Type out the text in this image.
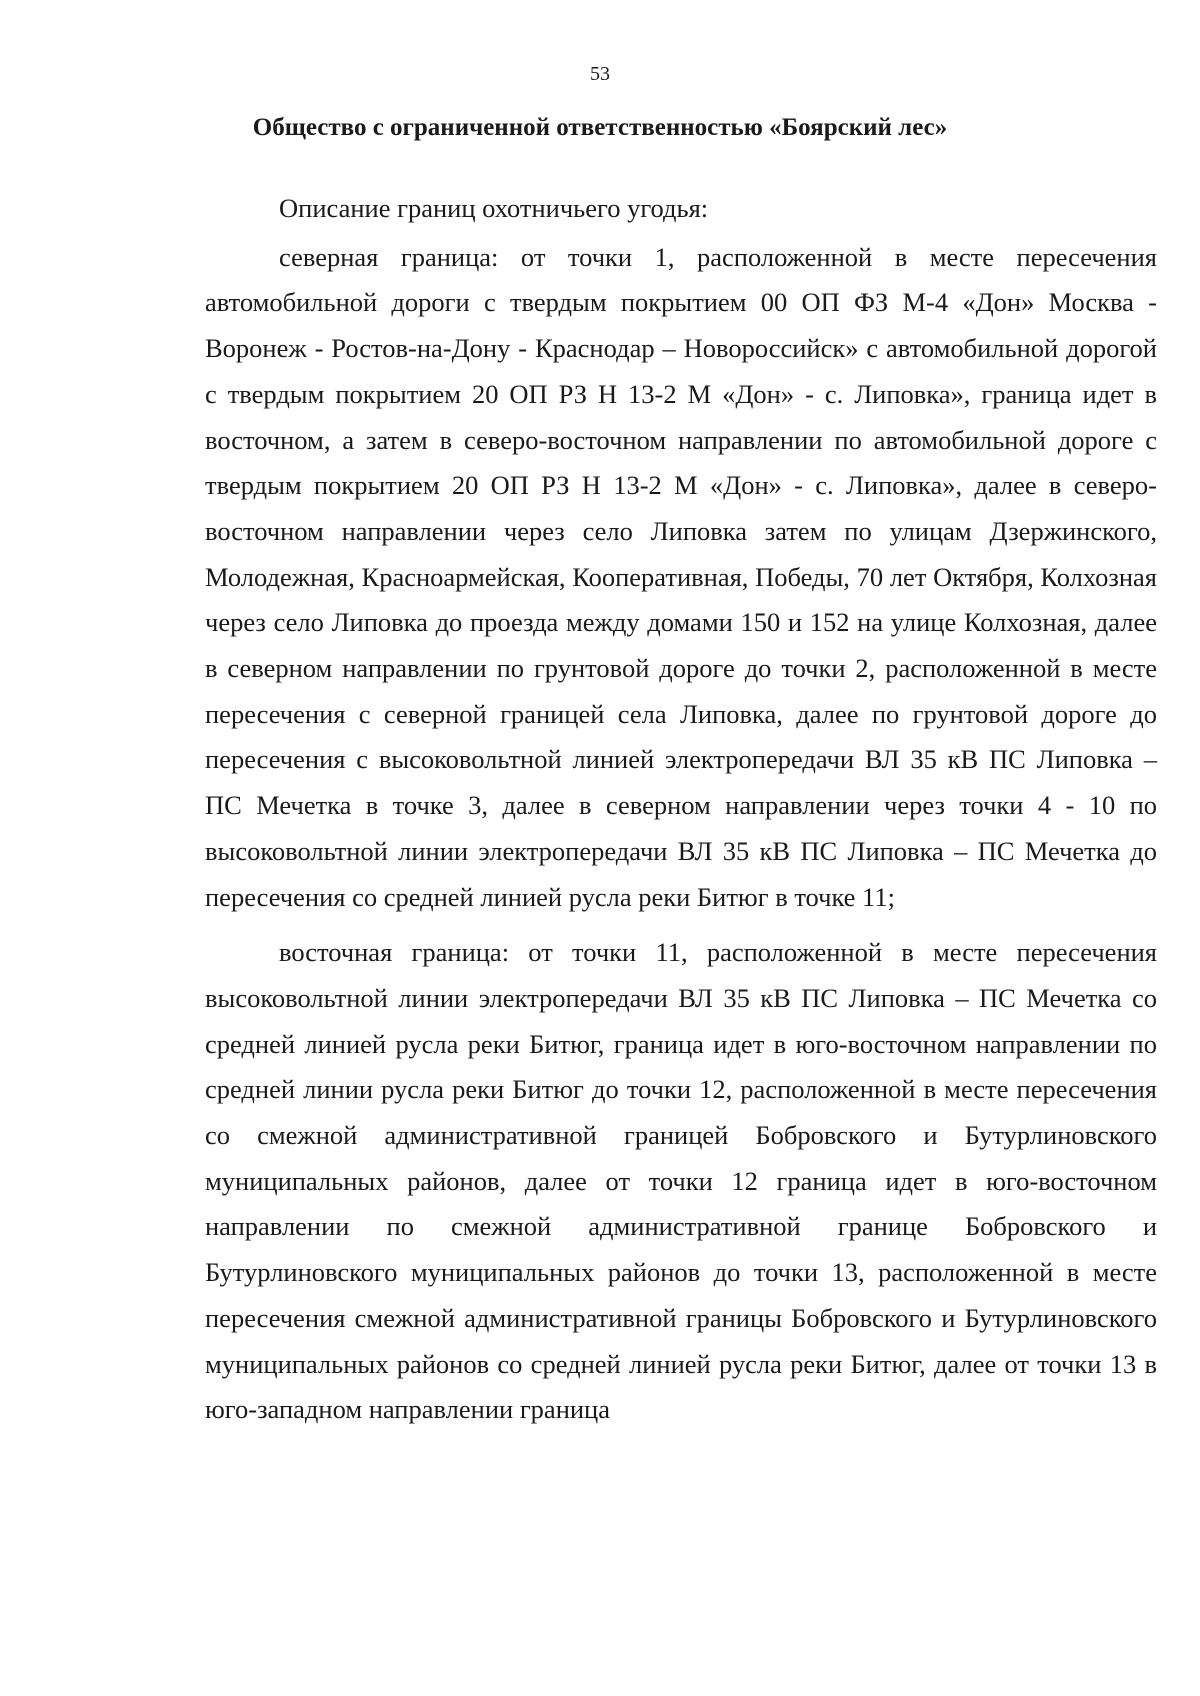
53
Общество с ограниченной ответственностью «Боярский лес»

Описание границ охотничьего угодья:

северная граница: от точки 1, расположенной в месте пересечения автомобильной дороги с твердым покрытием 00 ОП ФЗ М-4 «Дон» Москва - Воронеж - Ростов-на-Дону - Краснодар – Новороссийск» с автомобильной дорогой с твердым покрытием 20 ОП РЗ Н 13-2 М «Дон» - с. Липовка», граница идет в восточном, а затем в северо-восточном направлении по автомобильной дороге с твердым покрытием 20 ОП РЗ Н 13-2 М «Дон» - с. Липовка», далее в северо-восточном направлении через село Липовка затем по улицам Дзержинского, Молодежная, Красноармейская, Кооперативная, Победы, 70 лет Октября, Колхозная через село Липовка до проезда между домами 150 и 152 на улице Колхозная, далее в северном направлении по грунтовой дороге до точки 2, расположенной в месте пересечения с северной границей села Липовка, далее по грунтовой дороге до пересечения с высоковольтной линией электропередачи ВЛ 35 кВ ПС Липовка – ПС Мечетка в точке 3, далее в северном направлении через точки 4 - 10 по высоковольтной линии электропередачи ВЛ 35 кВ ПС Липовка – ПС Мечетка до пересечения со средней линией русла реки Битюг в точке 11;

восточная граница: от точки 11, расположенной в месте пересечения высоковольтной линии электропередачи ВЛ 35 кВ ПС Липовка – ПС Мечетка со средней линией русла реки Битюг, граница идет в юго-восточном направлении по средней линии русла реки Битюг до точки 12, расположенной в месте пересечения со смежной административной границей Бобровского и Бутурлиновского муниципальных районов, далее от точки 12 граница идет в юго-восточном направлении по смежной административной границе Бобровского и Бутурлиновского муниципальных районов до точки 13, расположенной в месте пересечения смежной административной границы Бобровского и Бутурлиновского муниципальных районов со средней линией русла реки Битюг, далее от точки 13 в юго-западном направлении граница
